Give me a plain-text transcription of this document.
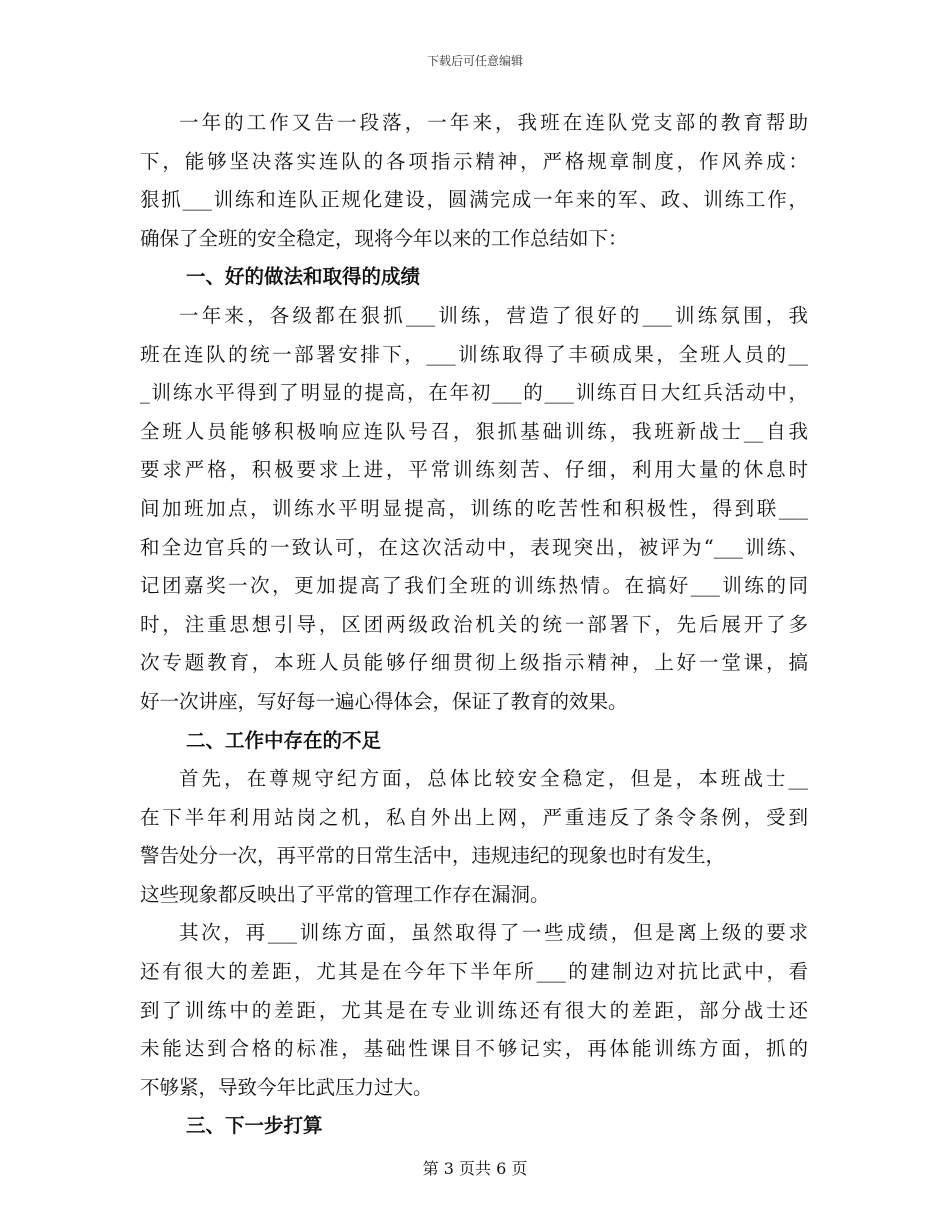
下载后可任意编辑
一年的工作又告一段落，一年来，我班在连队党支部的教育帮助
下，能够坚决落实连队的各项指示精神，严格规章制度，作风养成：
狠抓___训练和连队正规化建设，圆满完成一年来的军、政、训练工作，
确保了全班的安全稳定，现将今年以来的工作总结如下：
一、好的做法和取得的成绩
一年来，各级都在狠抓___训练，营造了很好的___训练氛围，我
班在连队的统一部署安排下，___训练取得了丰硕成果，全班人员的__
_训练水平得到了明显的提高，在年初___的___训练百日大红兵活动中，
全班人员能够积极响应连队号召，狠抓基础训练，我班新战士__自我
要求严格，积极要求上进，平常训练刻苦、仔细，利用大量的休息时
间加班加点，训练水平明显提高，训练的吃苦性和积极性，得到联___
和全边官兵的一致认可，在这次活动中，表现突出，被评为“___训练、
记团嘉奖一次，更加提高了我们全班的训练热情。在搞好___训练的同
时，注重思想引导，区团两级政治机关的统一部署下，先后展开了多
次专题教育，本班人员能够仔细贯彻上级指示精神，上好一堂课，搞
好一次讲座，写好每一遍心得体会，保证了教育的效果。
二、工作中存在的不足
首先，在尊规守纪方面，总体比较安全稳定，但是，本班战士__
在下半年利用站岗之机，私自外出上网，严重违反了条令条例，受到
警告处分一次，再平常的日常生活中，违规违纪的现象也时有发生，
这些现象都反映出了平常的管理工作存在漏洞。
其次，再___训练方面，虽然取得了一些成绩，但是离上级的要求
还有很大的差距，尤其是在今年下半年所___的建制边对抗比武中，看
到了训练中的差距，尤其是在专业训练还有很大的差距，部分战士还
未能达到合格的标准，基础性课目不够记实，再体能训练方面，抓的
不够紧，导致今年比武压力过大。
三、下一步打算
第 3 页共 6 页
